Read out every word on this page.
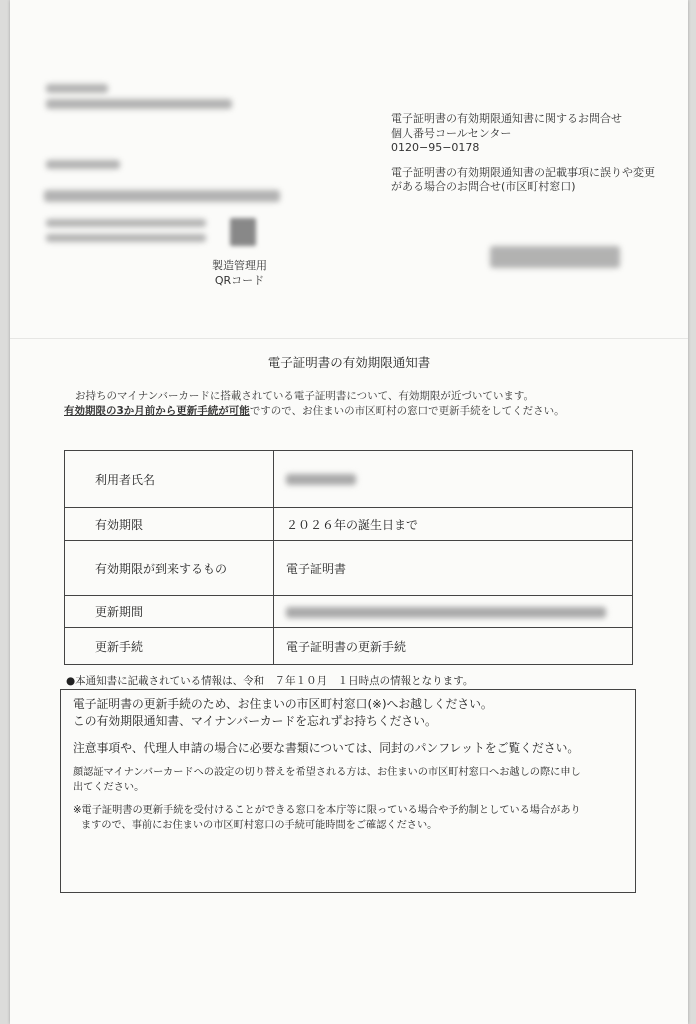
製造管理用
QRコード
電子証明書の有効期限通知書に関するお問合せ
個人番号コールセンター
0120−95−0178
電子証明書の有効期限通知書の記載事項に誤りや変更
がある場合のお問合せ(市区町村窓口)
電子証明書の有効期限通知書
お持ちのマイナンバーカードに搭載されている電子証明書について、有効期限が近づいています。
有効期限の3か月前から更新手続が可能ですので、お住まいの市区町村の窓口で更新手続をしてください。
利用者氏名	
有効期限	２０２６年の誕生日まで
有効期限が到来するもの	電子証明書
更新期間	
更新手続	電子証明書の更新手続
●本通知書に記載されている情報は、令和　７年１０月　１日時点の情報となります。
電子証明書の更新手続のため、お住まいの市区町村窓口(※)へお越しください。
この有効期限通知書、マイナンバーカードを忘れずお持ちください。
注意事項や、代理人申請の場合に必要な書類については、同封のパンフレットをご覧ください。
顔認証マイナンバーカードへの設定の切り替えを希望される方は、お住まいの市区町村窓口へお越しの際に申し
出てください。
※電子証明書の更新手続を受付けることができる窓口を本庁等に限っている場合や予約制としている場合があり
ますので、事前にお住まいの市区町村窓口の手続可能時間をご確認ください。
